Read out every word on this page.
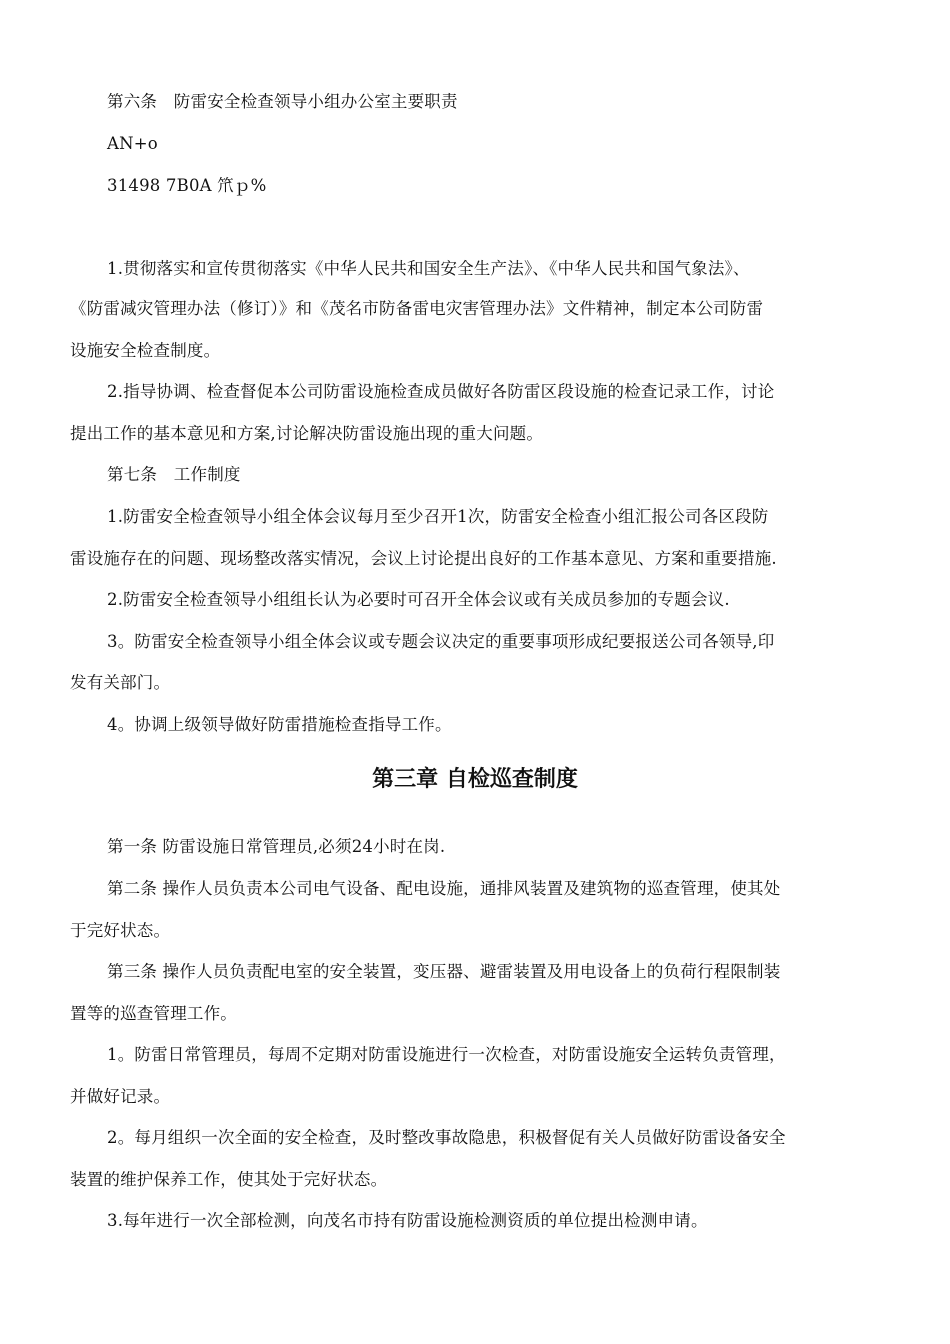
第六条　防雷安全检查领导小组办公室主要职责
AN+o
31498 7B0A 笊ｐ%
1.贯彻落实和宣传贯彻落实《中华人民共和国安全生产法》、《中华人民共和国气象法》、
《防雷减灾管理办法（修订）》和《茂名市防备雷电灾害管理办法》文件精神，制定本公司防雷
设施安全检查制度。
2.指导协调、检查督促本公司防雷设施检查成员做好各防雷区段设施的检查记录工作，讨论
提出工作的基本意见和方案,讨论解决防雷设施出现的重大问题。
第七条　工作制度
1.防雷安全检查领导小组全体会议每月至少召开1次，防雷安全检查小组汇报公司各区段防
雷设施存在的问题、现场整改落实情况，会议上讨论提出良好的工作基本意见、方案和重要措施.
2.防雷安全检查领导小组组长认为必要时可召开全体会议或有关成员参加的专题会议.
3。防雷安全检查领导小组全体会议或专题会议决定的重要事项形成纪要报送公司各领导,印
发有关部门。
4。协调上级领导做好防雷措施检查指导工作。
第三章 自检巡查制度
第一条 防雷设施日常管理员,必须24小时在岗.
第二条 操作人员负责本公司电气设备、配电设施，通排风装置及建筑物的巡查管理，使其处
于完好状态。
第三条 操作人员负责配电室的安全装置，变压器、避雷装置及用电设备上的负荷行程限制装
置等的巡查管理工作。
1。防雷日常管理员，每周不定期对防雷设施进行一次检查，对防雷设施安全运转负责管理，
并做好记录。
2。每月组织一次全面的安全检查，及时整改事故隐患，积极督促有关人员做好防雷设备安全
装置的维护保养工作，使其处于完好状态。
3.每年进行一次全部检测，向茂名市持有防雷设施检测资质的单位提出检测申请。
